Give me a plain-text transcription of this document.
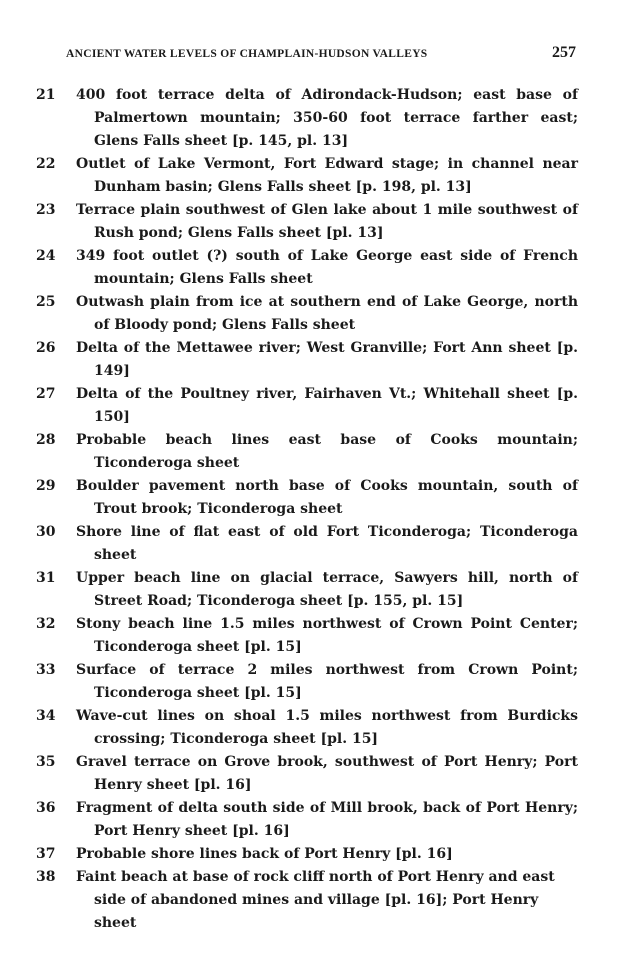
ANCIENT WATER LEVELS OF CHAMPLAIN-HUDSON VALLEYS	257
21	400 foot terrace delta of Adirondack-Hudson; east base of Palmertown mountain; 350-60 foot terrace farther east; Glens Falls sheet [p. 145, pl. 13]
22	Outlet of Lake Vermont, Fort Edward stage; in channel near Dunham basin; Glens Falls sheet [p. 198, pl. 13]
23	Terrace plain southwest of Glen lake about 1 mile southwest of Rush pond; Glens Falls sheet [pl. 13]
24	349 foot outlet (?) south of Lake George east side of French mountain; Glens Falls sheet
25	Outwash plain from ice at southern end of Lake George, north of Bloody pond; Glens Falls sheet
26	Delta of the Mettawee river; West Granville; Fort Ann sheet [p. 149]
27	Delta of the Poultney river, Fairhaven Vt.; Whitehall sheet [p. 150]
28	Probable beach lines east base of Cooks mountain; Ticonderoga sheet
29	Boulder pavement north base of Cooks mountain, south of Trout brook; Ticonderoga sheet
30	Shore line of flat east of old Fort Ticonderoga; Ticonderoga sheet
31	Upper beach line on glacial terrace, Sawyers hill, north of Street Road; Ticonderoga sheet [p. 155, pl. 15]
32	Stony beach line 1.5 miles northwest of Crown Point Center; Ticonderoga sheet [pl. 15]
33	Surface of terrace 2 miles northwest from Crown Point; Ticonderoga sheet [pl. 15]
34	Wave-cut lines on shoal 1.5 miles northwest from Burdicks crossing; Ticonderoga sheet [pl. 15]
35	Gravel terrace on Grove brook, southwest of Port Henry; Port Henry sheet [pl. 16]
36	Fragment of delta south side of Mill brook, back of Port Henry; Port Henry sheet [pl. 16]
37	Probable shore lines back of Port Henry [pl. 16]
38	Faint beach at base of rock cliff north of Port Henry and east side of abandoned mines and village [pl. 16]; Port Henry sheet
